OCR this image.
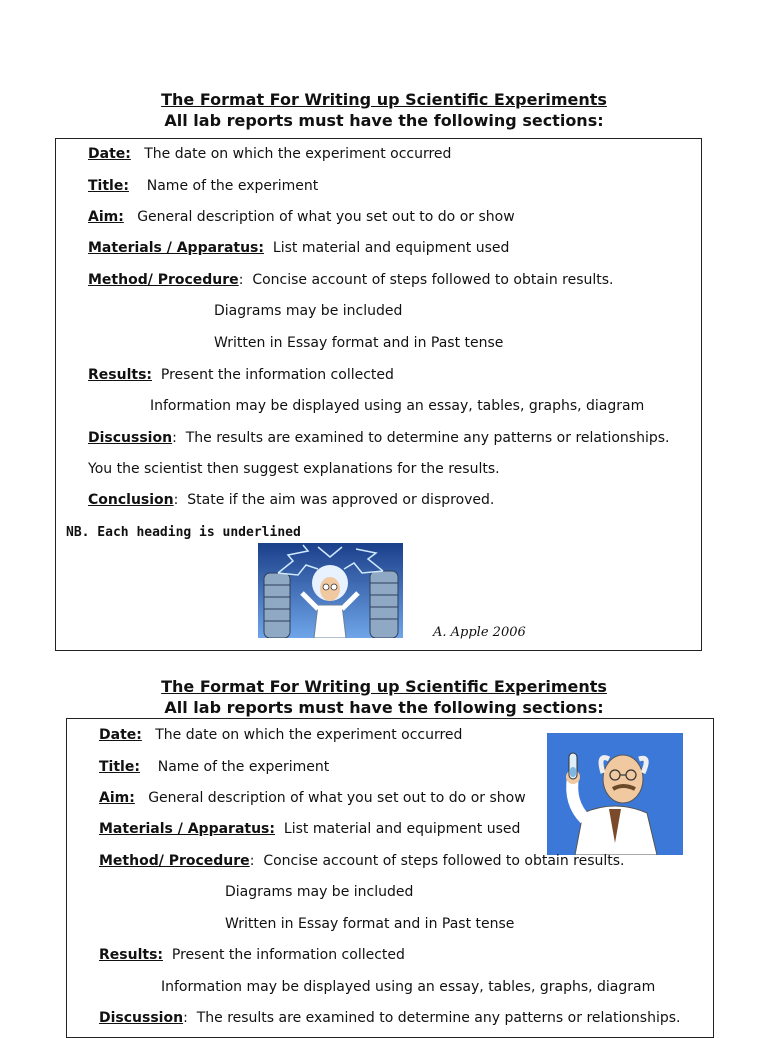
The Format For Writing up Scientific Experiments
All lab reports must have the following sections:
Date: The date on which the experiment occurred
Title: Name of the experiment
Aim: General description of what you set out to do or show
Materials / Apparatus: List material and equipment used
Method/ Procedure:  Concise account of steps followed to obtain results.
Diagrams may be included
Written in Essay format and in Past tense
Results: Present the information collected
Information may be displayed using an essay, tables, graphs, diagram
Discussion:  The results are examined to determine any patterns or relationships.
You the scientist then suggest explanations for the results.
Conclusion:  State if the aim was approved or disproved.
NB. Each heading is underlined
A. Apple 2006
The Format For Writing up Scientific Experiments
All lab reports must have the following sections:
Date: The date on which the experiment occurred
Title: Name of the experiment
Aim: General description of what you set out to do or show
Materials / Apparatus: List material and equipment used
Method/ Procedure:  Concise account of steps followed to obtain results.
Diagrams may be included
Written in Essay format and in Past tense
Results: Present the information collected
Information may be displayed using an essay, tables, graphs, diagram
Discussion:  The results are examined to determine any patterns or relationships.
